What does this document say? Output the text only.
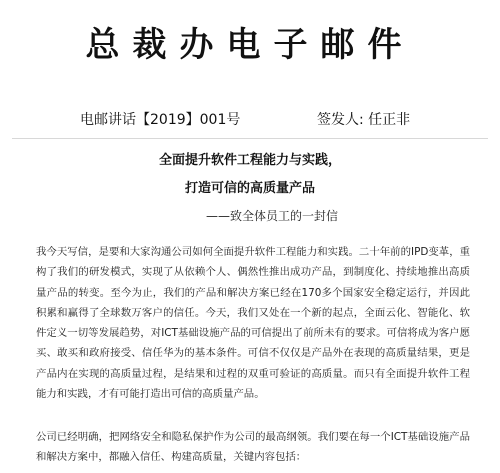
总裁办电子邮件
电邮讲话【2019】001号	签发人: 任正非
全面提升软件工程能力与实践，
打造可信的高质量产品
——致全体员工的一封信

我今天写信，是要和大家沟通公司如何全面提升软件工程能力和实践。二十年前的IPD变革，重构了我们的研发模式，实现了从依赖个人、偶然性推出成功产品，到制度化、持续地推出高质量产品的转变。至今为止，我们的产品和解决方案已经在170多个国家安全稳定运行，并因此积累和赢得了全球数万客户的信任。今天，我们又处在一个新的起点，全面云化、智能化、软件定义一切等发展趋势，对ICT基础设施产品的可信提出了前所未有的要求。可信将成为客户愿买、敢买和政府接受、信任华为的基本条件。可信不仅仅是产品外在表现的高质量结果，更是产品内在实现的高质量过程，是结果和过程的双重可验证的高质量。而只有全面提升软件工程能力和实践，才有可能打造出可信的高质量产品。

公司已经明确，把网络安全和隐私保护作为公司的最高纲领。我们要在每一个ICT基础设施产品和解决方案中，都融入信任、构建高质量，关键内容包括：
